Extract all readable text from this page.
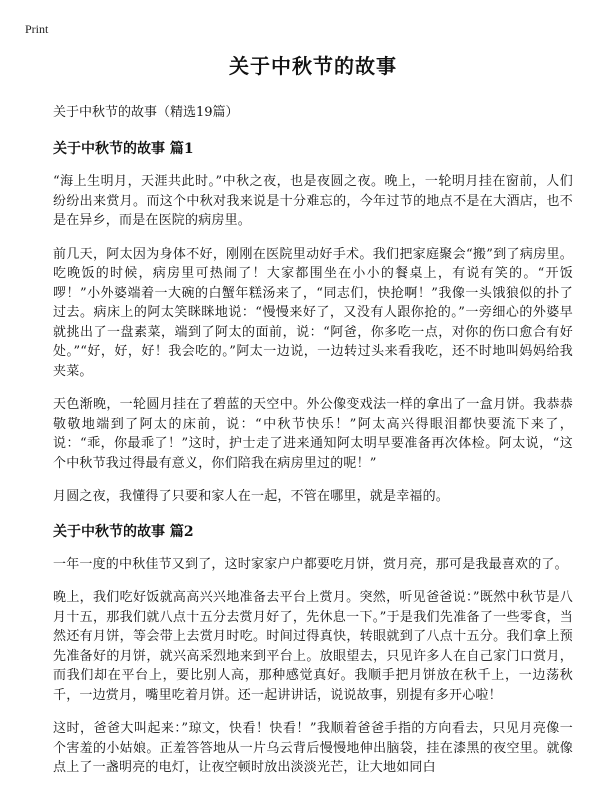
Print
关于中秋节的故事
关于中秋节的故事（精选19篇）
关于中秋节的故事 篇1

“海上生明月，天涯共此时。”中秋之夜，也是夜圆之夜。晚上，一轮明月挂在窗前，人们纷纷出来赏月。而这个中秋对我来说是十分难忘的，今年过节的地点不是在大酒店，也不是在异乡，而是在医院的病房里。

前几天，阿太因为身体不好，刚刚在医院里动好手术。我们把家庭聚会“搬”到了病房里。吃晚饭的时候，病房里可热闹了！大家都围坐在小小的餐桌上，有说有笑的。“开饭啰！”小外婆端着一大碗的白蟹年糕汤来了，“同志们，快抢啊！”我像一头饿狼似的扑了过去。病床上的阿太笑眯眯地说：“慢慢来好了，又没有人跟你抢的。”一旁细心的外婆早就挑出了一盘素菜，端到了阿太的面前，说：“阿爸，你多吃一点，对你的伤口愈合有好处。”“好，好，好！我会吃的。”阿太一边说，一边转过头来看我吃，还不时地叫妈妈给我夹菜。

天色渐晚，一轮圆月挂在了碧蓝的天空中。外公像变戏法一样的拿出了一盒月饼。我恭恭敬敬地端到了阿太的床前，说：“中秋节快乐！”阿太高兴得眼泪都快要流下来了，说：“乖，你最乖了！”这时，护士走了进来通知阿太明早要准备再次体检。阿太说，“这个中秋节我过得最有意义，你们陪我在病房里过的呢！”

月圆之夜，我懂得了只要和家人在一起，不管在哪里，就是幸福的。

关于中秋节的故事 篇2

一年一度的中秋佳节又到了，这时家家户户都要吃月饼，赏月亮，那可是我最喜欢的了。

晚上，我们吃好饭就高高兴兴地准备去平台上赏月。突然，听见爸爸说：”既然中秋节是八月十五，那我们就八点十五分去赏月好了，先休息一下。”于是我们先准备了一些零食，当然还有月饼，等会带上去赏月时吃。时间过得真快，转眼就到了八点十五分。我们拿上预先准备好的月饼，就兴高采烈地来到平台上。放眼望去，只见许多人在自己家门口赏月，而我们却在平台上，要比别人高，那种感觉真好。我顺手把月饼放在秋千上，一边荡秋千，一边赏月，嘴里吃着月饼。还一起讲讲话，说说故事，别提有多开心啦！

这时，爸爸大叫起来：”琼文，快看！快看！”我顺着爸爸手指的方向看去，只见月亮像一个害羞的小姑娘。正羞答答地从一片乌云背后慢慢地伸出脑袋，挂在漆黑的夜空里。就像点上了一盏明亮的电灯，让夜空顿时放出淡淡光芒，让大地如同白
